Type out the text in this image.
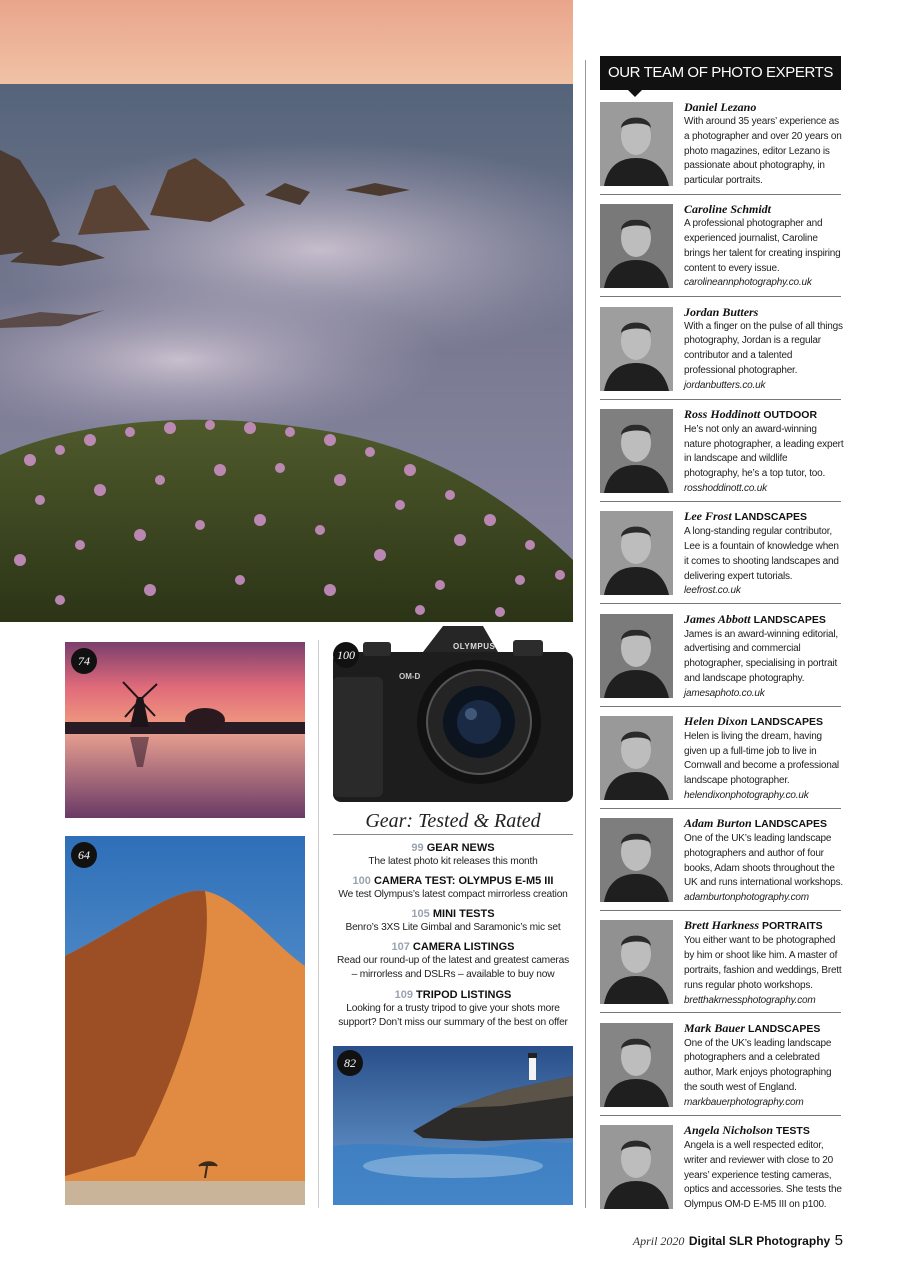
74
64
OLYMPUS
OM-D
100
Gear: Tested & Rated
99 GEAR NEWS
The latest photo kit releases this month
100 CAMERA TEST: OLYMPUS E-M5 III
We test Olympus’s latest compact mirrorless creation
105 MINI TESTS
Benro’s 3XS Lite Gimbal and Saramonic’s mic set
107 CAMERA LISTINGS
Read our round-up of the latest and greatest cameras – mirrorless and DSLRs – available to buy now
109 TRIPOD LISTINGS
Looking for a trusty tripod to give your shots more support? Don’t miss our summary of the best on offer
82
OUR TEAM OF PHOTO EXPERTS
Daniel Lezano
With around 35 years’ experience as a photographer and over 20 years on photo magazines, editor Lezano is passionate about photography, in particular portraits.
Caroline Schmidt
A professional photographer and experienced journalist, Caroline brings her talent for creating inspiring content to every issue.
carolineannphotography.co.uk
Jordan Butters
With a finger on the pulse of all things photography, Jordan is a regular contributor and a talented professional photographer.
jordanbutters.co.uk
Ross Hoddinott OUTDOOR
He’s not only an award-winning nature photographer, a leading expert in landscape and wildlife photography, he’s a top tutor, too.
rosshoddinott.co.uk
Lee Frost LANDSCAPES
A long-standing regular contributor, Lee is a fountain of knowledge when it comes to shooting landscapes and delivering expert tutorials.
leefrost.co.uk
James Abbott LANDSCAPES
James is an award-winning editorial, advertising and commercial photographer, specialising in portrait and landscape photography.
jamesaphoto.co.uk
Helen Dixon LANDSCAPES
Helen is living the dream, having given up a full-time job to live in Cornwall and become a professional landscape photographer.
helendixonphotography.co.uk
Adam Burton LANDSCAPES
One of the UK’s leading landscape photographers and author of four books, Adam shoots throughout the UK and runs international workshops.
adamburtonphotography.com
Brett Harkness PORTRAITS
You either want to be photographed by him or shoot like him. A master of portraits, fashion and weddings, Brett runs regular photo workshops.
bretthakrnessphotography.com
Mark Bauer LANDSCAPES
One of the UK’s leading landscape photographers and a celebrated author, Mark enjoys photographing the south west of England.
markbauerphotography.com
Angela Nicholson TESTS
Angela is a well respected editor, writer and reviewer with close to 20 years’ experience testing cameras, optics and accessories. She tests the Olympus OM-D E-M5 III on p100.
April 2020 Digital SLR Photography 5
